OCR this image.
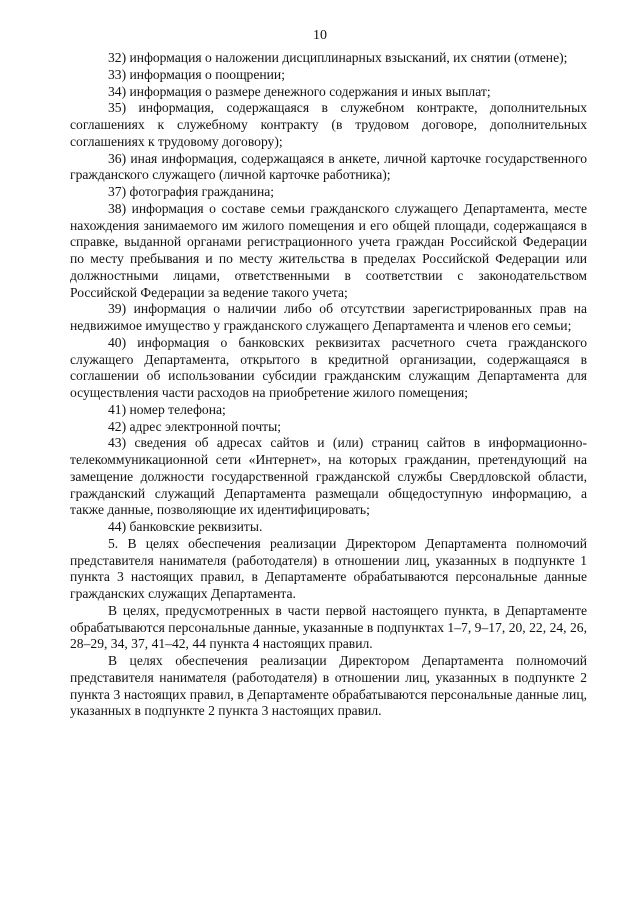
10

32) информация о наложении дисциплинарных взысканий, их снятии (отмене);

33) информация о поощрении;

34) информация о размере денежного содержания и иных выплат;

35) информация, содержащаяся в служебном контракте, дополнительных соглашениях к служебному контракту (в трудовом договоре, дополнительных соглашениях к трудовому договору);

36) иная информация, содержащаяся в анкете, личной карточке государственного гражданского служащего (личной карточке работника);

37) фотография гражданина;

38) информация о составе семьи гражданского служащего Департамента, месте нахождения занимаемого им жилого помещения и его общей площади, содержащаяся в справке, выданной органами регистрационного учета граждан Российской Федерации по месту пребывания и по месту жительства в пределах Российской Федерации или должностными лицами, ответственными в соответствии с законодательством Российской Федерации за ведение такого учета;

39) информация о наличии либо об отсутствии зарегистрированных прав на недвижимое имущество у гражданского служащего Департамента и членов его семьи;

40) информация о банковских реквизитах расчетного счета гражданского служащего Департамента, открытого в кредитной организации, содержащаяся в соглашении об использовании субсидии гражданским служащим Департамента для осуществления части расходов на приобретение жилого помещения;

41) номер телефона;

42) адрес электронной почты;

43) сведения об адресах сайтов и (или) страниц сайтов в информационно-телекоммуникационной сети «Интернет», на которых гражданин, претендующий на замещение должности государственной гражданской службы Свердловской области, гражданский служащий Департамента размещали общедоступную информацию, а также данные, позволяющие их идентифицировать;

44) банковские реквизиты.

5. В целях обеспечения реализации Директором Департамента полномочий представителя нанимателя (работодателя) в отношении лиц, указанных в подпункте 1 пункта 3 настоящих правил, в Департаменте обрабатываются персональные данные гражданских служащих Департамента.

В целях, предусмотренных в части первой настоящего пункта, в Департаменте обрабатываются персональные данные, указанные в подпунктах 1–7, 9–17, 20, 22, 24, 26, 28–29, 34, 37, 41–42, 44 пункта 4 настоящих правил.

В целях обеспечения реализации Директором Департамента полномочий представителя нанимателя (работодателя) в отношении лиц, указанных в подпункте 2 пункта 3 настоящих правил, в Департаменте обрабатываются персональные данные лиц, указанных в подпункте 2 пункта 3 настоящих правил.
